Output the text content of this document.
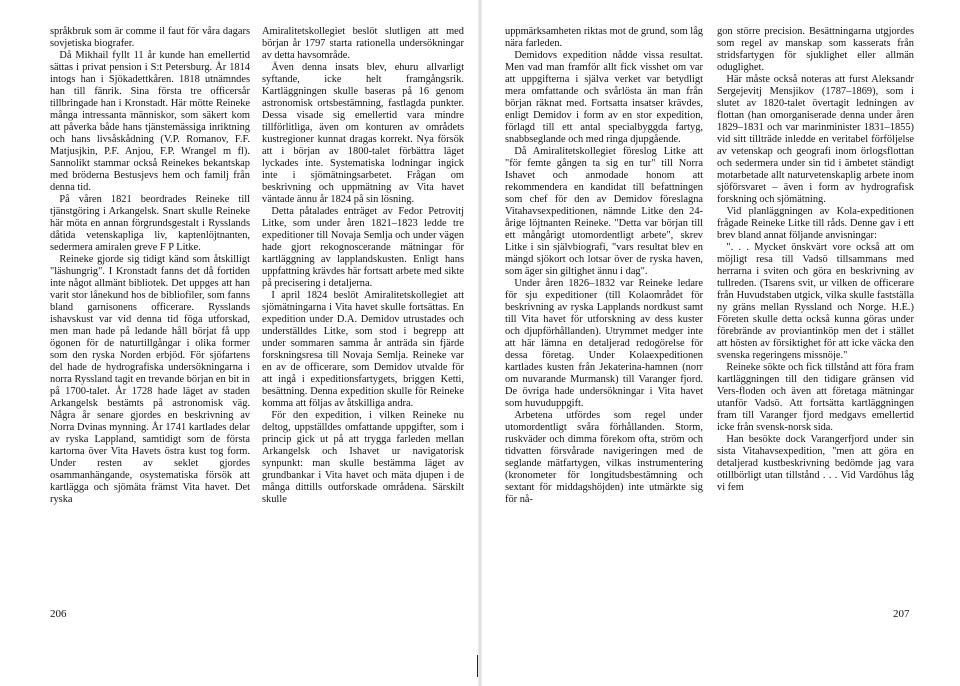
språkbruk som är comme il faut för våra dagars sovjetiska biografer.

Då Mikhail fyllt 11 år kunde han emellertid sättas i privat pension i S:t Petersburg. År 1814 intogs han i Sjökadettkåren. 1818 utnämndes han till fänrik. Sina första tre officersår tillbringade han i Kronstadt. Här mötte Reineke många intressanta människor, som säkert kom att påverka både hans tjänstemässiga inriktning och hans livsåskådning (V.P. Romanov, F.F. Matjusjkin, P.F. Anjou, F.P. Wrangel m fl). Sannolikt stammar också Reinekes bekantskap med bröderna Bestusjevs hem och familj från denna tid.

På våren 1821 beordrades Reineke till tjänstgöring i Arkangelsk. Snart skulle Reineke här möta en annan förgrundsgestalt i Rysslands dåtida vetenskapliga liv, kaptenlöjtnanten, sedermera amiralen greve F P Litke.

Reineke gjorde sig tidigt känd som åtskilligt "läshungrig". I Kronstadt fanns det då fortiden inte något allmänt bibliotek. Det uppges att han varit stor lånekund hos de bibliofiler, som fanns bland garnisonens officerare. Rysslands ishavskust var vid denna tid föga utforskad, men man hade på ledande håll börjat få upp ögonen för de naturtillgångar i olika former som den ryska Norden erbjöd. För sjöfartens del hade de hydrografiska undersökningarna i norra Ryssland tagit en trevande början en bit in på 1700-talet. År 1728 hade läget av staden Arkangelsk bestämts på astronomisk väg. Några år senare gjordes en beskrivning av Norra Dvinas mynning. År 1741 kartlades delar av ryska Lappland, samtidigt som de första kartorna över Vita Havets östra kust tog form. Under resten av seklet gjordes osammanhängande, osystematiska försök att kartlägga och sjömäta främst Vita havet. Det ryska

Amiralitetskollegiet beslöt slutligen att med början år 1797 starta rationella undersökningar av detta havsområde.

Även denna insats blev, ehuru allvarligt syftande, icke helt framgångsrik. Kartläggningen skulle baseras på 16 genom astronomisk ortsbestämning, fastlagda punkter. Dessa visade sig emellertid vara mindre tillförlitliga, även om konturen av områdets kustregioner kunnat dragas korrekt. Nya försök att i början av 1800-talet förbättra läget lyckades inte. Systematiska lodningar ingick inte i sjömätningsarbetet. Frågan om beskrivning och uppmätning av Vita havet väntade ännu år 1824 på sin lösning.

Detta påtalades enträget av Fedor Petrovitj Litke, som under åren 1821–1823 ledde tre expeditioner till Novaja Semlja och under vägen hade gjort rekognoscerande mätningar för kartläggning av lapplandskusten. Enligt hans uppfattning krävdes här fortsatt arbete med sikte på precisering i detaljerna.

I april 1824 beslöt Amiralitetskollegiet att sjömätningarna i Vita havet skulle fortsättas. En expedition under D.A. Demidov utrustades och underställdes Litke, som stod i begrepp att under sommaren samma år anträda sin fjärde forskningsresa till Novaja Semlja. Reineke var en av de officerare, som Demidov utvalde för att ingå i expeditionsfartygets, briggen Ketti, besättning. Denna expedition skulle för Reineke komma att följas av åtskilliga andra.

För den expedition, i vilken Reineke nu deltog, uppställdes omfattande uppgifter, som i princip gick ut på att trygga farleden mellan Arkangelsk och Ishavet ur navigatorisk synpunkt: man skulle bestämma läget av grundbankar i Vita havet och mäta djupen i de många dittills outforskade områdena. Särskilt skulle

uppmärksamheten riktas mot de grund, som låg nära farleden.

Demidovs expedition nådde vissa resultat. Men vad man framför allt fick visshet om var att uppgifterna i själva verket var betydligt mera omfattande och svårlösta än man från början räknat med. Fortsatta insatser krävdes, enligt Demidov i form av en stor expedition, förlagd till ett antal specialbyggda fartyg, snabbseglande och med ringa djupgående.

Då Amiralitetskollegiet föreslog Litke att "för femte gången ta sig en tur" till Norra Ishavet och anmodade honom att rekommendera en kandidat till befattningen som chef för den av Demidov föreslagna Vitahavsexpeditionen, nämnde Litke den 24-årige löjtnanten Reineke. "Detta var början till ett mångårigt utomordentligt arbete", skrev Litke i sin självbiografi, "vars resultat blev en mängd sjökort och lotsar över de ryska haven, som äger sin giltighet ännu i dag".

Under åren 1826–1832 var Reineke ledare för sju expeditioner (till Kolaområdet för beskrivning av ryska Lapplands nordkust samt till Vita havet för utforskning av dess kuster och djupförhållanden). Utrymmet medger inte att här lämna en detaljerad redogörelse för dessa företag. Under Kolaexpeditionen kartlades kusten från Jekaterina-hamnen (norr om nuvarande Murmansk) till Varanger fjord. De övriga hade undersökningar i Vita havet som huvuduppgift.

Arbetena utfördes som regel under utomordentligt svåra förhållanden. Storm, ruskväder och dimma förekom ofta, ström och tidvatten försvårade navigeringen med de seglande mätfartygen, vilkas instrumentering (kronometer för longitudsbestämning och sextant för middagshöjden) inte utmärkte sig för nå-

gon större precision. Besättningarna utgjordes som regel av manskap som kasserats från stridsfartygen för sjuklighet eller allmän oduglighet.

Här måste också noteras att furst Aleksandr Sergejevitj Mensjikov (1787–1869), som i slutet av 1820-talet övertagit ledningen av flottan (han omorganiserade denna under åren 1829–1831 och var marinminister 1831–1855) vid sitt tillträde inledde en veritabel förföljelse av vetenskap och geografi inom örlogsflottan och sedermera under sin tid i ämbetet ständigt motarbetade allt naturvetenskaplig arbete inom sjöförsvaret – även i form av hydrografisk forskning och sjömätning.

Vid planläggningen av Kola-expeditionen frågade Reineke Litke till råds. Denne gav i ett brev bland annat följande anvisningar:

". . . Mycket önskvärt vore också att om möjligt resa till Vadsö tillsammans med herrarna i sviten och göra en beskrivning av tullreden. (Tsarens svit, ur vilken de officerare från Huvudstaben utgick, vilka skulle fastställa ny gräns mellan Ryssland och Norge. H.E.) Företen skulle detta också kunna göras under förebrände av proviantinköp men det i stället att hösten av försiktighet för att icke väcka den svenska regeringens missnöje."

Reineke sökte och fick tillstånd att föra fram kartläggningen till den tidigare gränsen vid Vers-floden och även att företaga mätningar utanför Vadsö. Att fortsätta kartläggningen fram till Varanger fjord medgavs emellertid icke från svensk-norsk sida.

Han besökte dock Varangerfjord under sin sista Vitahavsexpedition, "men att göra en detaljerad kustbeskrivning bedömde jag vara otillbörligt utan tillstånd . . . Vid Vardöhus låg vi fem

206	207
